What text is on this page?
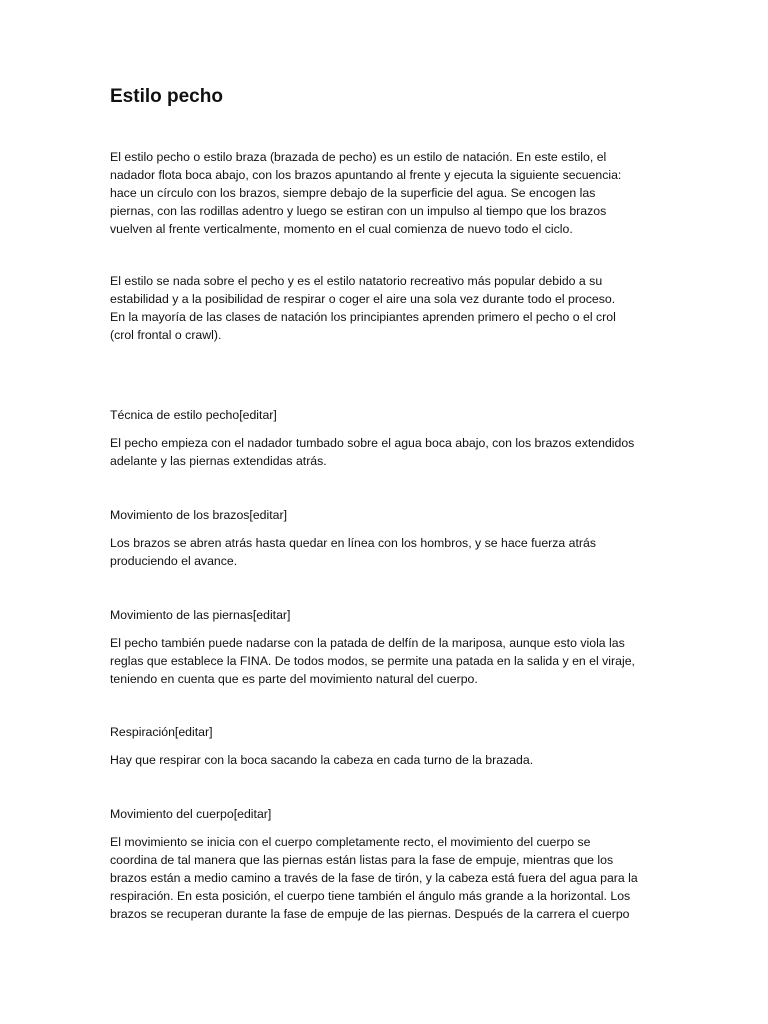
Estilo pecho

El estilo pecho o estilo braza (brazada de pecho) es un estilo de natación. En este estilo, el
nadador flota boca abajo, con los brazos apuntando al frente y ejecuta la siguiente secuencia:
hace un círculo con los brazos, siempre debajo de la superficie del agua. Se encogen las
piernas, con las rodillas adentro y luego se estiran con un impulso al tiempo que los brazos
vuelven al frente verticalmente, momento en el cual comienza de nuevo todo el ciclo.

El estilo se nada sobre el pecho y es el estilo natatorio recreativo más popular debido a su
estabilidad y a la posibilidad de respirar o coger el aire una sola vez durante todo el proceso.
En la mayoría de las clases de natación los principiantes aprenden primero el pecho o el crol
(crol frontal o crawl).

Técnica de estilo pecho[editar]

El pecho empieza con el nadador tumbado sobre el agua boca abajo, con los brazos extendidos
adelante y las piernas extendidas atrás.

Movimiento de los brazos[editar]

Los brazos se abren atrás hasta quedar en línea con los hombros, y se hace fuerza atrás
produciendo el avance.

Movimiento de las piernas[editar]

El pecho también puede nadarse con la patada de delfín de la mariposa, aunque esto viola las
reglas que establece la FINA. De todos modos, se permite una patada en la salida y en el viraje,
teniendo en cuenta que es parte del movimiento natural del cuerpo.

Respiración[editar]

Hay que respirar con la boca sacando la cabeza en cada turno de la brazada.

Movimiento del cuerpo[editar]

El movimiento se inicia con el cuerpo completamente recto, el movimiento del cuerpo se
coordina de tal manera que las piernas están listas para la fase de empuje, mientras que los
brazos están a medio camino a través de la fase de tirón, y la cabeza está fuera del agua para la
respiración. En esta posición, el cuerpo tiene también el ángulo más grande a la horizontal. Los
brazos se recuperan durante la fase de empuje de las piernas. Después de la carrera el cuerpo
